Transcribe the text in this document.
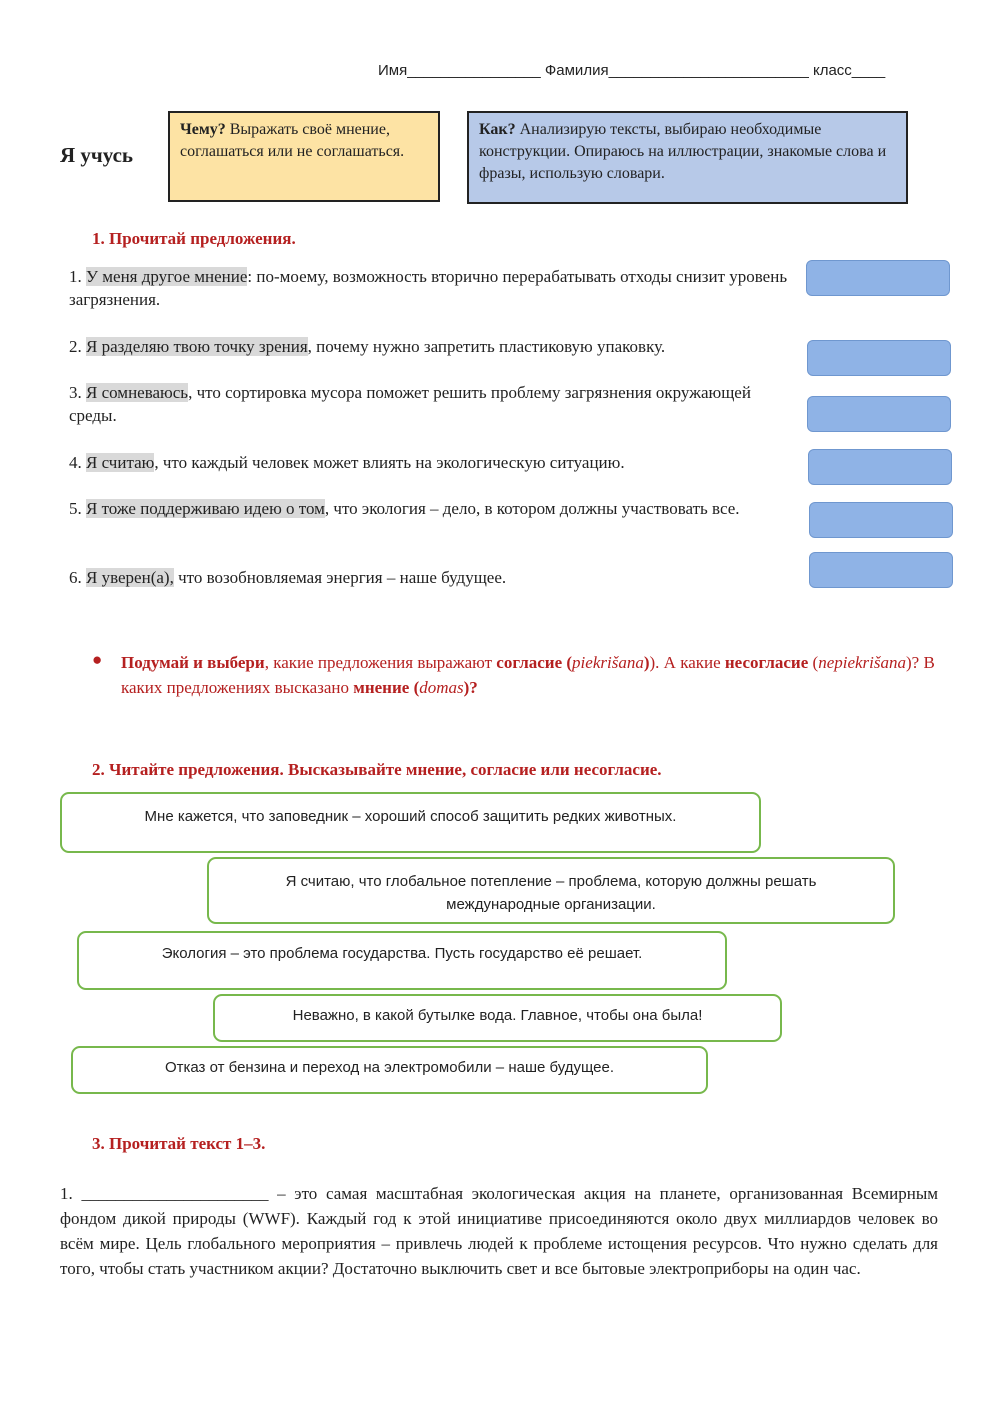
Имя________________ Фамилия________________________ класс____
Я учусь
Чему? Выражать своё мнение, соглашаться или не соглашаться.
Как? Анализирую тексты, выбираю необходимые конструкции. Опираюсь на иллюстрации, знакомые слова и фразы, использую словари.
1. Прочитай предложения.
1. У меня другое мнение: по-моему, возможность вторично перерабатывать отходы снизит уровень загрязнения.
2. Я разделяю твою точку зрения, почему нужно запретить пластиковую упаковку.
3. Я сомневаюсь, что сортировка мусора поможет решить проблему загрязнения окружающей среды.
4. Я считаю, что каждый человек может влиять на экологическую ситуацию.
5. Я тоже поддерживаю идею о том, что экология – дело, в котором должны участвовать все.
6. Я уверен(а), что возобновляемая энергия – наше будущее.
● Подумай и выбери, какие предложения выражают согласие (piekrišana)). А какие несогласие (nepiekrišana)? В каких предложениях высказано мнение (domas)?
2. Читайте предложения. Высказывайте мнение, согласие или несогласие.
Мне кажется, что заповедник – хороший способ защитить редких животных.
Я считаю, что глобальное потепление – проблема, которую должны решать международные организации.
Экология – это проблема государства. Пусть государство её решает.
Неважно, в какой бутылке вода. Главное, чтобы она была!
Отказ от бензина и переход на электромобили – наше будущее.
3. Прочитай текст 1–3.
1. ______________________ – это самая масштабная экологическая акция на планете, организованная Всемирным фондом дикой природы (WWF). Каждый год к этой инициативе присоединяются около двух миллиардов человек во всём мире. Цель глобального мероприятия – привлечь людей к проблеме истощения ресурсов. Что нужно сделать для того, чтобы стать участником акции? Достаточно выключить свет и все бытовые электроприборы на один час.
